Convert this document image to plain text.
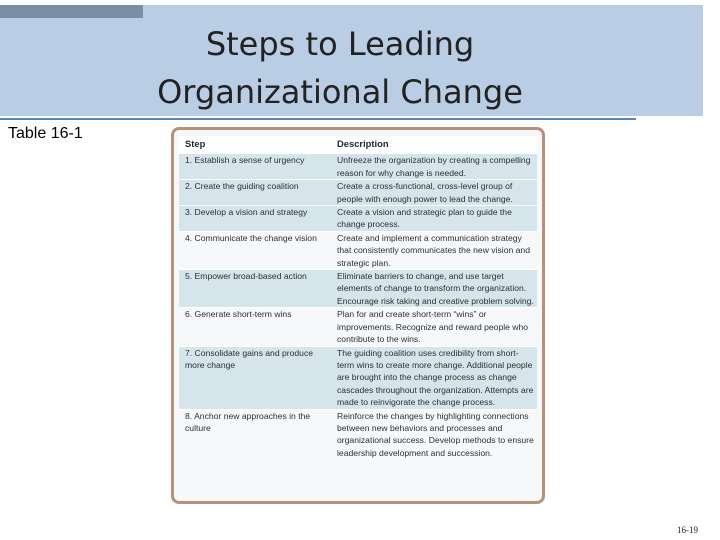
Steps to Leading
Organizational Change
Table 16-1
Step	Description
1. Establish a sense of urgency	Unfreeze the organization by creating a compelling reason for why change is needed.
2. Create the guiding coalition	Create a cross-functional, cross-level group of people with enough power to lead the change.
3. Develop a vision and strategy	Create a vision and strategic plan to guide the change process.
4. Communicate the change vision	Create and implement a communication strategy that consistently communicates the new vision and strategic plan.
5. Empower broad-based action	Eliminate barriers to change, and use target elements of change to transform the organization. Encourage risk taking and creative problem solving.
6. Generate short-term wins	Plan for and create short-term “wins” or improvements. Recognize and reward people who contribute to the wins.
7. Consolidate gains and produce more change	The guiding coalition uses credibility from short-term wins to create more change. Additional people are brought into the change process as change cascades throughout the organization. Attempts are made to reinvigorate the change process.
8. Anchor new approaches in the culture	Reinforce the changes by highlighting connections between new behaviors and processes and organizational success. Develop methods to ensure leadership development and succession.
16-19
